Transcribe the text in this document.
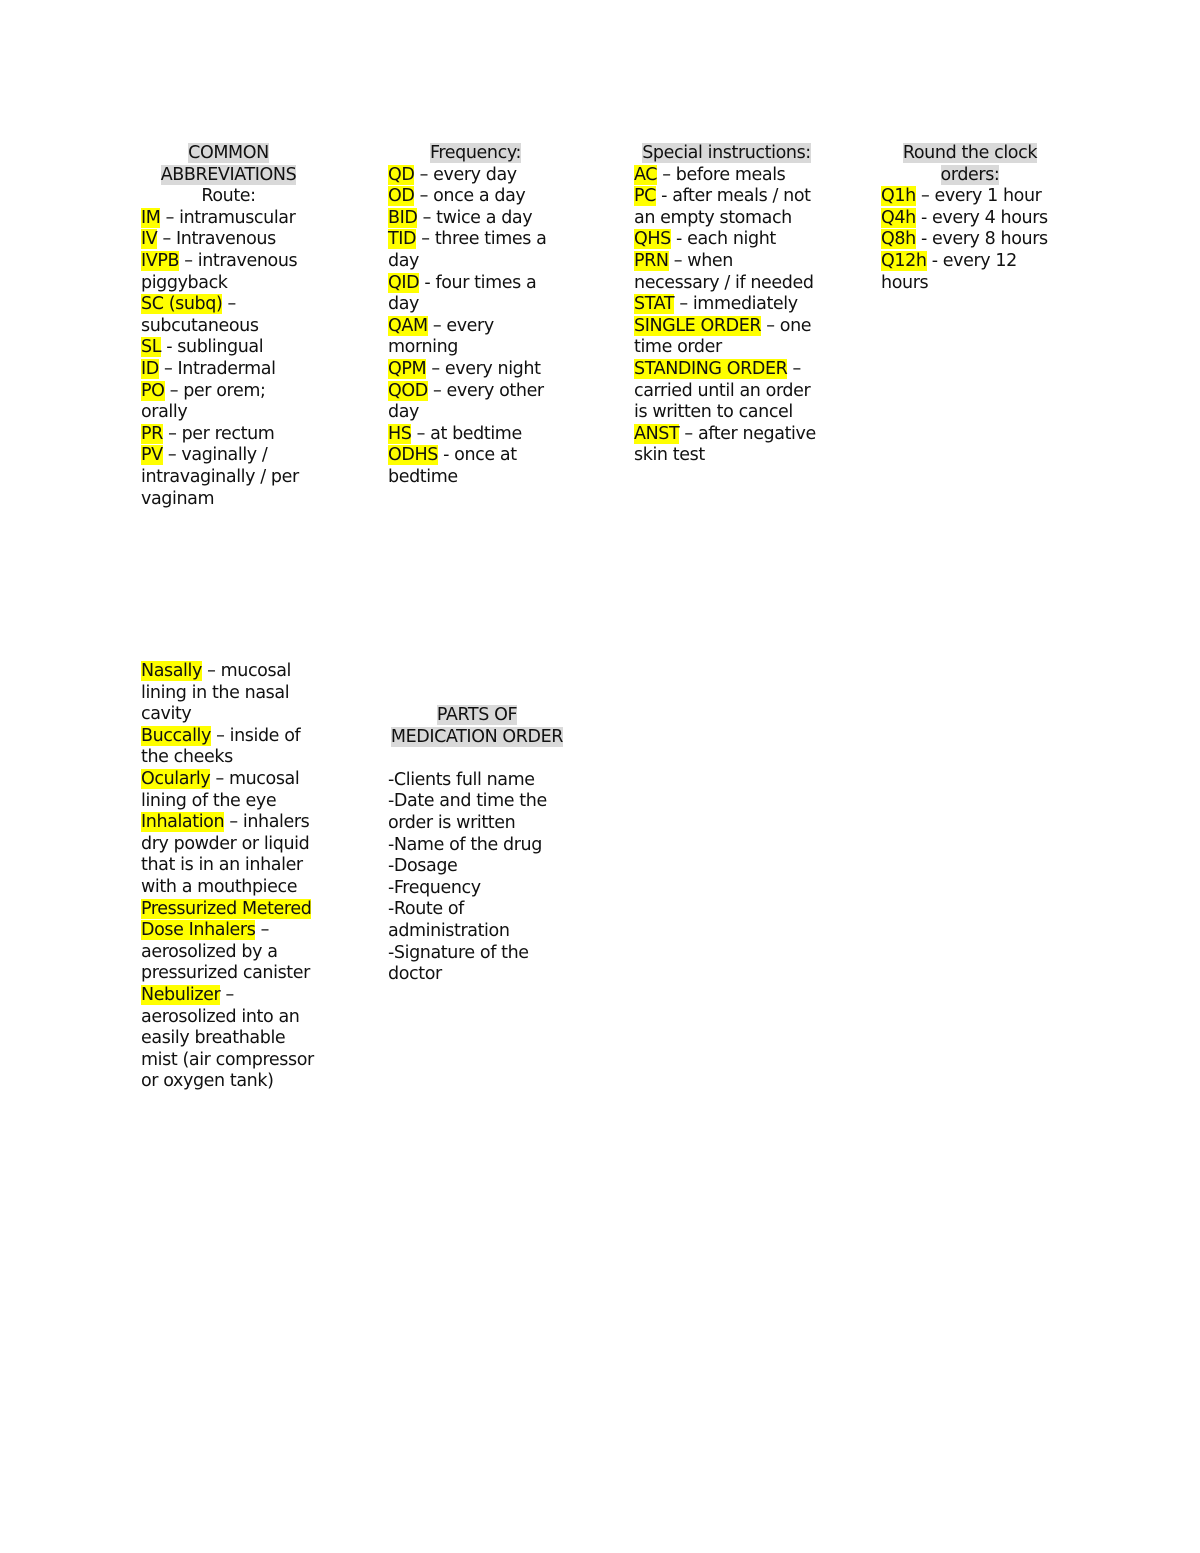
COMMON
ABBREVIATIONS
Route:
IM – intramuscular
IV – Intravenous
IVPB – intravenous piggyback
SC (subq) – subcutaneous
SL - sublingual
ID – Intradermal
PO – per orem; orally
PR – per rectum
PV – vaginally / intravaginally / per vaginam
Frequency:
QD – every day
OD – once a day
BID – twice a day
TID – three times a day
QID - four times a day
QAM – every morning
QPM – every night
QOD – every other day
HS – at bedtime
ODHS - once at bedtime
Special instructions:
AC – before meals
PC - after meals / not an empty stomach
QHS - each night
PRN – when necessary / if needed
STAT – immediately
SINGLE ORDER – one time order
STANDING ORDER – carried until an order is written to cancel
ANST – after negative skin test
Round the clock
orders:
Q1h – every 1 hour
Q4h - every 4 hours
Q8h - every 8 hours
Q12h - every 12 hours
Nasally – mucosal lining in the nasal cavity
Buccally – inside of the cheeks
Ocularly – mucosal lining of the eye
Inhalation – inhalers dry powder or liquid that is in an inhaler with a mouthpiece
Pressurized Metered Dose Inhalers – aerosolized by a pressurized canister
Nebulizer – aerosolized into an easily breathable mist (air compressor or oxygen tank)
PARTS OF
MEDICATION ORDER
-Clients full name
-Date and time the order is written
-Name of the drug
-Dosage
-Frequency
-Route of administration
-Signature of the doctor
